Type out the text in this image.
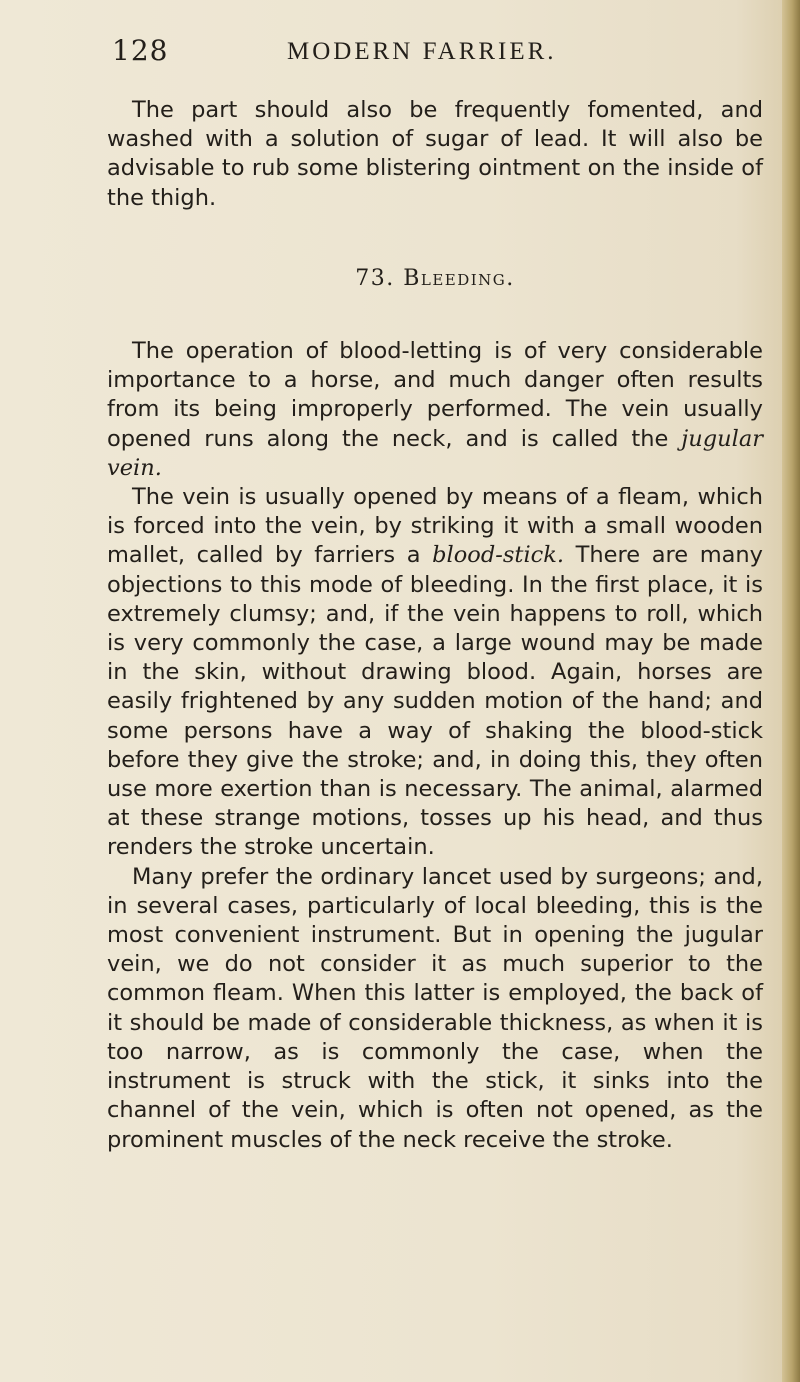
128	MODERN FARRIER.

The part should also be frequently fomented, and washed with a solution of sugar of lead. It will also be advisable to rub some blistering ointment on the inside of the thigh.

73. Bleeding.

The operation of blood-letting is of very considerable importance to a horse, and much danger often results from its being improperly performed. The vein usually opened runs along the neck, and is called the jugular vein.

The vein is usually opened by means of a fleam, which is forced into the vein, by striking it with a small wooden mallet, called by farriers a blood-stick. There are many objections to this mode of bleeding. In the first place, it is extremely clumsy; and, if the vein happens to roll, which is very commonly the case, a large wound may be made in the skin, without drawing blood. Again, horses are easily frightened by any sudden motion of the hand; and some persons have a way of shaking the blood-stick before they give the stroke; and, in doing this, they often use more exertion than is necessary. The animal, alarmed at these strange motions, tosses up his head, and thus renders the stroke uncertain.

Many prefer the ordinary lancet used by surgeons; and, in several cases, particularly of local bleeding, this is the most convenient instrument. But in opening the jugular vein, we do not consider it as much superior to the common fleam. When this latter is employed, the back of it should be made of considerable thickness, as when it is too narrow, as is commonly the case, when the instrument is struck with the stick, it sinks into the channel of the vein, which is often not opened, as the prominent muscles of the neck receive the stroke.
